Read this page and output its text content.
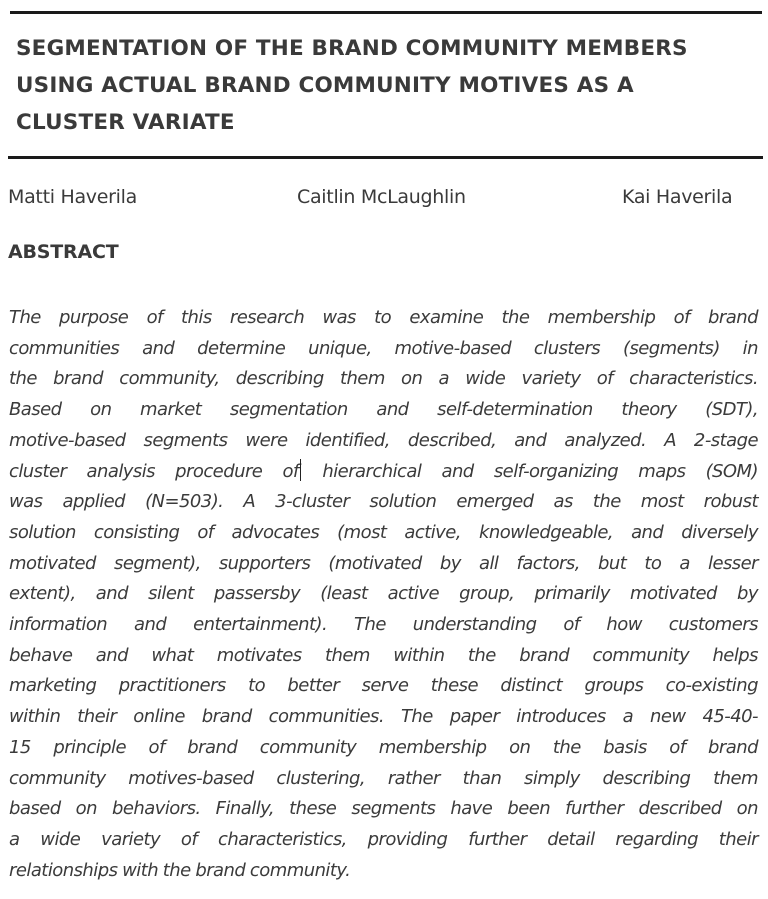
SEGMENTATION OF THE BRAND COMMUNITY MEMBERS
USING ACTUAL BRAND COMMUNITY MOTIVES AS A
CLUSTER VARIATE
Matti Haverila	Caitlin McLaughlin	Kai Haverila
ABSTRACT
The purpose of this research was to examine the membership of brand
communities and determine unique, motive-based clusters (segments) in
the brand community, describing them on a wide variety of characteristics.
Based on market segmentation and self-determination theory (SDT),
motive-based segments were identified, described, and analyzed. A 2-stage
cluster analysis procedure of hierarchical and self-organizing maps (SOM)
was applied (N=503). A 3-cluster solution emerged as the most robust
solution consisting of advocates (most active, knowledgeable, and diversely
motivated segment), supporters (motivated by all factors, but to a lesser
extent), and silent passersby (least active group, primarily motivated by
information and entertainment). The understanding of how customers
behave and what motivates them within the brand community helps
marketing practitioners to better serve these distinct groups co-existing
within their online brand communities. The paper introduces a new 45-40-
15 principle of brand community membership on the basis of brand
community motives-based clustering, rather than simply describing them
based on behaviors. Finally, these segments have been further described on
a wide variety of characteristics, providing further detail regarding their
relationships with the brand community.
